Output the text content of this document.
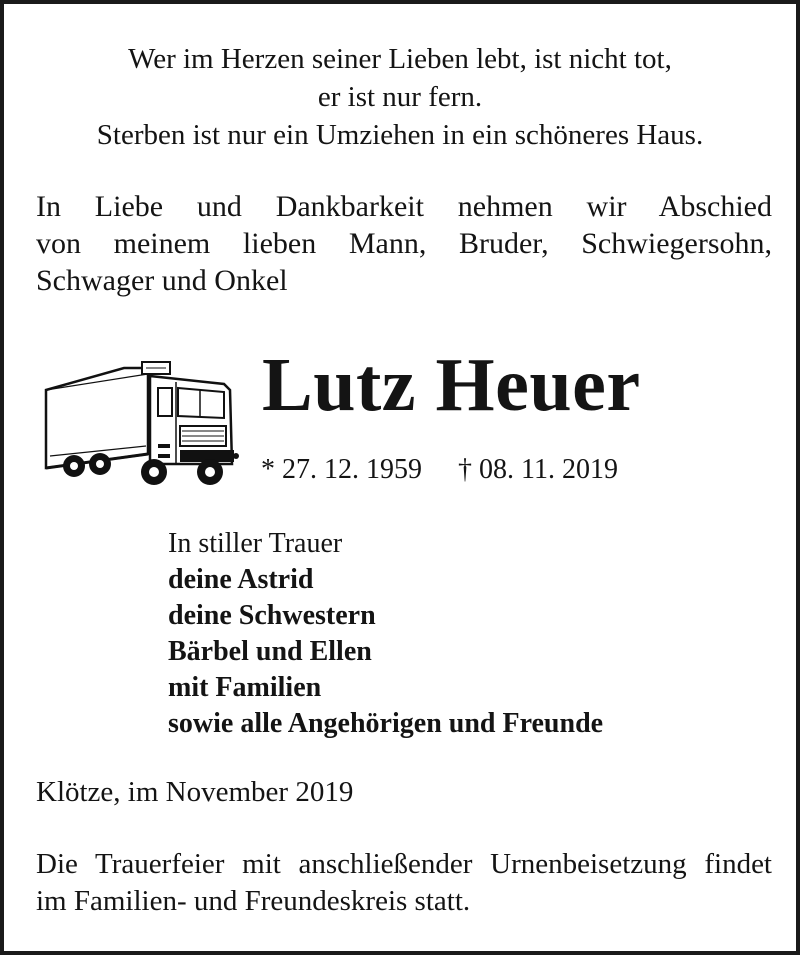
Wer im Herzen seiner Lieben lebt, ist nicht tot,
er ist nur fern.
Sterben ist nur ein Umziehen in ein schöneres Haus.
In Liebe und Dankbarkeit nehmen wir Abschied
von meinem lieben Mann, Bruder, Schwiegersohn,
Schwager und Onkel
Lutz Heuer
* 27. 12. 1959 † 08. 11. 2019
In stiller Trauer
deine Astrid
deine Schwestern
Bärbel und Ellen
mit Familien
sowie alle Angehörigen und Freunde
Klötze, im November 2019
Die Trauerfeier mit anschließender Urnenbeisetzung findet
im Familien- und Freundeskreis statt.
